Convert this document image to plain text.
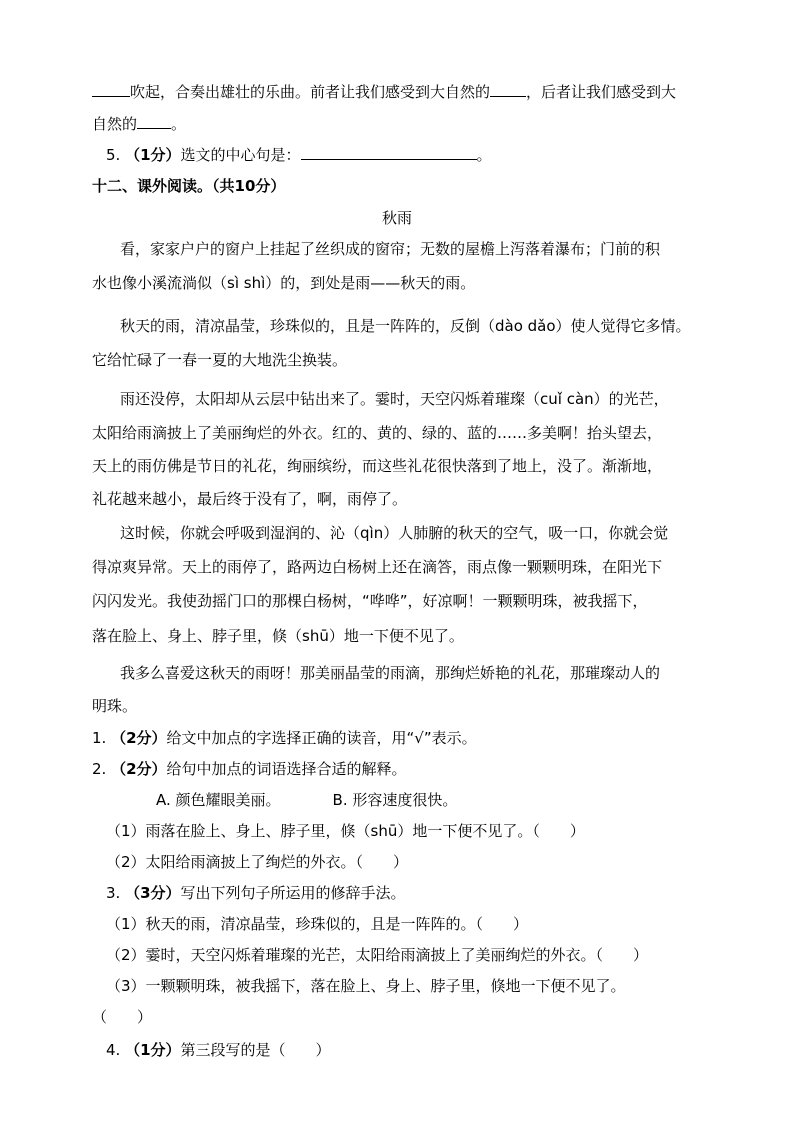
吹起，合奏出雄壮的乐曲。前者让我们感受到大自然的 ，后者让我们感受到大
自然的 。
5. （1分）选文的中心句是：	。
十二、课外阅读。（共10分）
秋雨
看，家家户户的窗户上挂起了丝织成的窗帘；无数的屋檐上泻落着瀑布；门前的积
水也像小溪流淌似（sì shì）的，到处是雨——秋天的雨。
秋天的雨，清凉晶莹，珍珠似的，且是一阵阵的，反倒（dào dǎo）使人觉得它多情。
它给忙碌了一春一夏的大地洗尘换装。
雨还没停，太阳却从云层中钻出来了。霎时，天空闪烁着璀璨（cuǐ càn）的光芒，
太阳给雨滴披上了美丽绚烂的外衣。红的、黄的、绿的、蓝的……多美啊！抬头望去，
天上的雨仿佛是节日的礼花，绚丽缤纷，而这些礼花很快落到了地上，没了。渐渐地，
礼花越来越小，最后终于没有了，啊，雨停了。
这时候，你就会呼吸到湿润的、沁（qìn）人肺腑的秋天的空气，吸一口，你就会觉
得凉爽异常。天上的雨停了，路两边白杨树上还在滴答，雨点像一颗颗明珠，在阳光下
闪闪发光。我使劲摇门口的那棵白杨树，“哗哗”，好凉啊！一颗颗明珠，被我摇下，
落在脸上、身上、脖子里，倏（shū）地一下便不见了。
我多么喜爱这秋天的雨呀！那美丽晶莹的雨滴，那绚烂娇艳的礼花，那璀璨动人的
明珠。
1. （2分）给文中加点的字选择正确的读音，用“√”表示。
2. （2分）给句中加点的词语选择合适的解释。
A. 颜色耀眼美丽。	B. 形容速度很快。
（1）雨落在脸上、身上、脖子里，倏（shū）地一下便不见了。（　　）
（2）太阳给雨滴披上了绚烂的外衣。（　　）
3. （3分）写出下列句子所运用的修辞手法。
（1）秋天的雨，清凉晶莹，珍珠似的，且是一阵阵的。（　　）
（2）霎时，天空闪烁着璀璨的光芒，太阳给雨滴披上了美丽绚烂的外衣。（　　）
（3）一颗颗明珠，被我摇下，落在脸上、身上、脖子里，倏地一下便不见了。
（　　）
4. （1分）第三段写的是（　　）
